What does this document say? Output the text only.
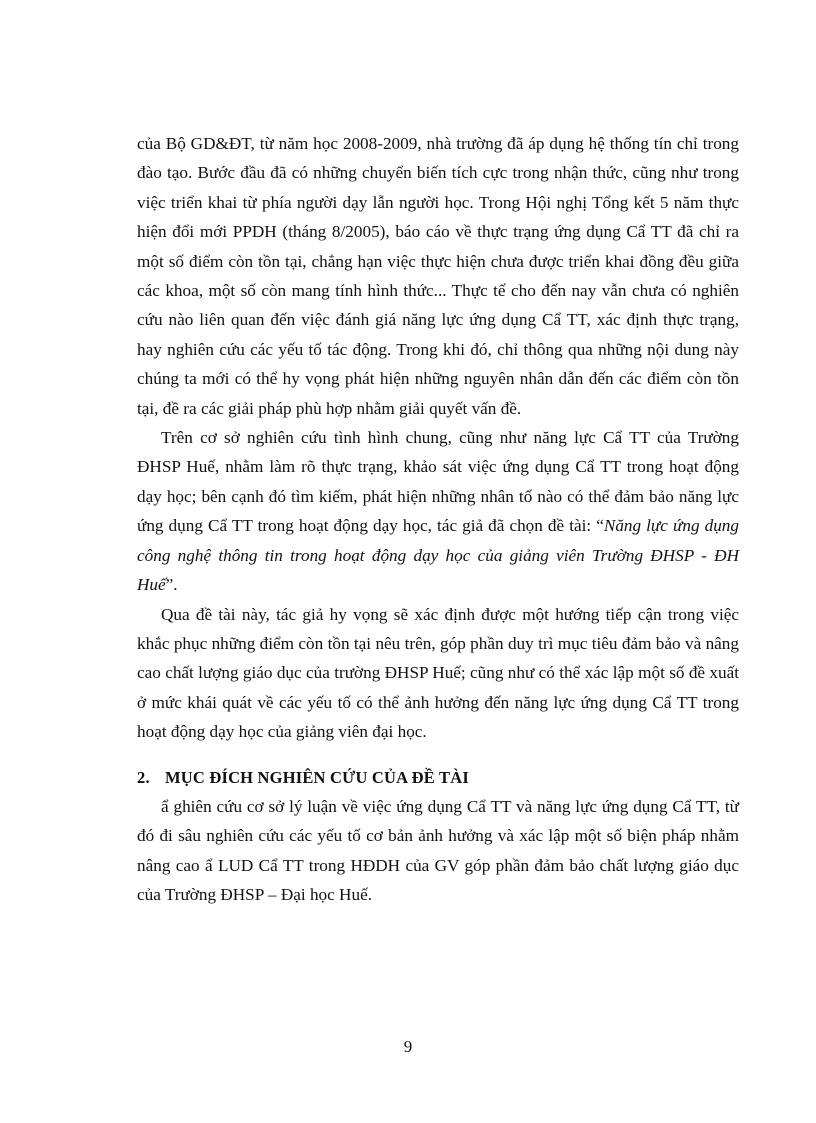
của Bộ GD&ĐT, từ năm học 2008-2009, nhà trường đã áp dụng hệ thống tín chỉ trong đào tạo. Bước đầu đã có những chuyển biến tích cực trong nhận thức, cũng như trong việc triển khai từ phía người dạy lẫn người học. Trong Hội nghị Tổng kết 5 năm thực hiện đổi mới PPDH (tháng 8/2005), báo cáo về thực trạng ứng dụng Cẩ TT đã chỉ ra một số điểm còn tồn tại, chẳng hạn việc thực hiện chưa được triển khai đồng đều giữa các khoa, một số còn mang tính hình thức... Thực tế cho đến nay vẫn chưa có nghiên cứu nào liên quan đến việc đánh giá năng lực ứng dụng Cẩ TT, xác định thực trạng, hay nghiên cứu các yếu tố tác động. Trong khi đó, chỉ thông qua những nội dung này chúng ta mới có thể hy vọng phát hiện những nguyên nhân dẫn đến các điểm còn tồn tại, đề ra các giải pháp phù hợp nhằm giải quyết vấn đề.

Trên cơ sở nghiên cứu tình hình chung, cũng như năng lực Cẩ TT của Trường ĐHSP Huế, nhằm làm rõ thực trạng, khảo sát việc ứng dụng Cẩ TT trong hoạt động dạy học; bên cạnh đó tìm kiếm, phát hiện những nhân tố nào có thể đảm bảo năng lực ứng dụng Cẩ TT trong hoạt động dạy học, tác giả đã chọn đề tài: “Năng lực ứng dụng công nghệ thông tin trong hoạt động dạy học của giảng viên Trường ĐHSP - ĐH Huế”.

Qua đề tài này, tác giả hy vọng sẽ xác định được một hướng tiếp cận trong việc khắc phục những điểm còn tồn tại nêu trên, góp phần duy trì mục tiêu đảm bảo và nâng cao chất lượng giáo dục của trường ĐHSP Huế; cũng như có thể xác lập một số đề xuất ở mức khái quát về các yếu tố có thể ảnh hưởng đến năng lực ứng dụng Cẩ TT trong hoạt động dạy học của giảng viên đại học.

2. MỤC ĐÍCH NGHIÊN CỨU CỦA ĐỀ TÀI

ẩ ghiên cứu cơ sở lý luận về việc ứng dụng Cẩ TT và năng lực ứng dụng Cẩ TT, từ đó đi sâu nghiên cứu các yếu tố cơ bản ảnh hưởng và xác lập một số biện pháp nhằm nâng cao ẩ LUD Cẩ TT trong HĐDH của GV góp phần đảm bảo chất lượng giáo dục của Trường ĐHSP – Đại học Huế.

9
